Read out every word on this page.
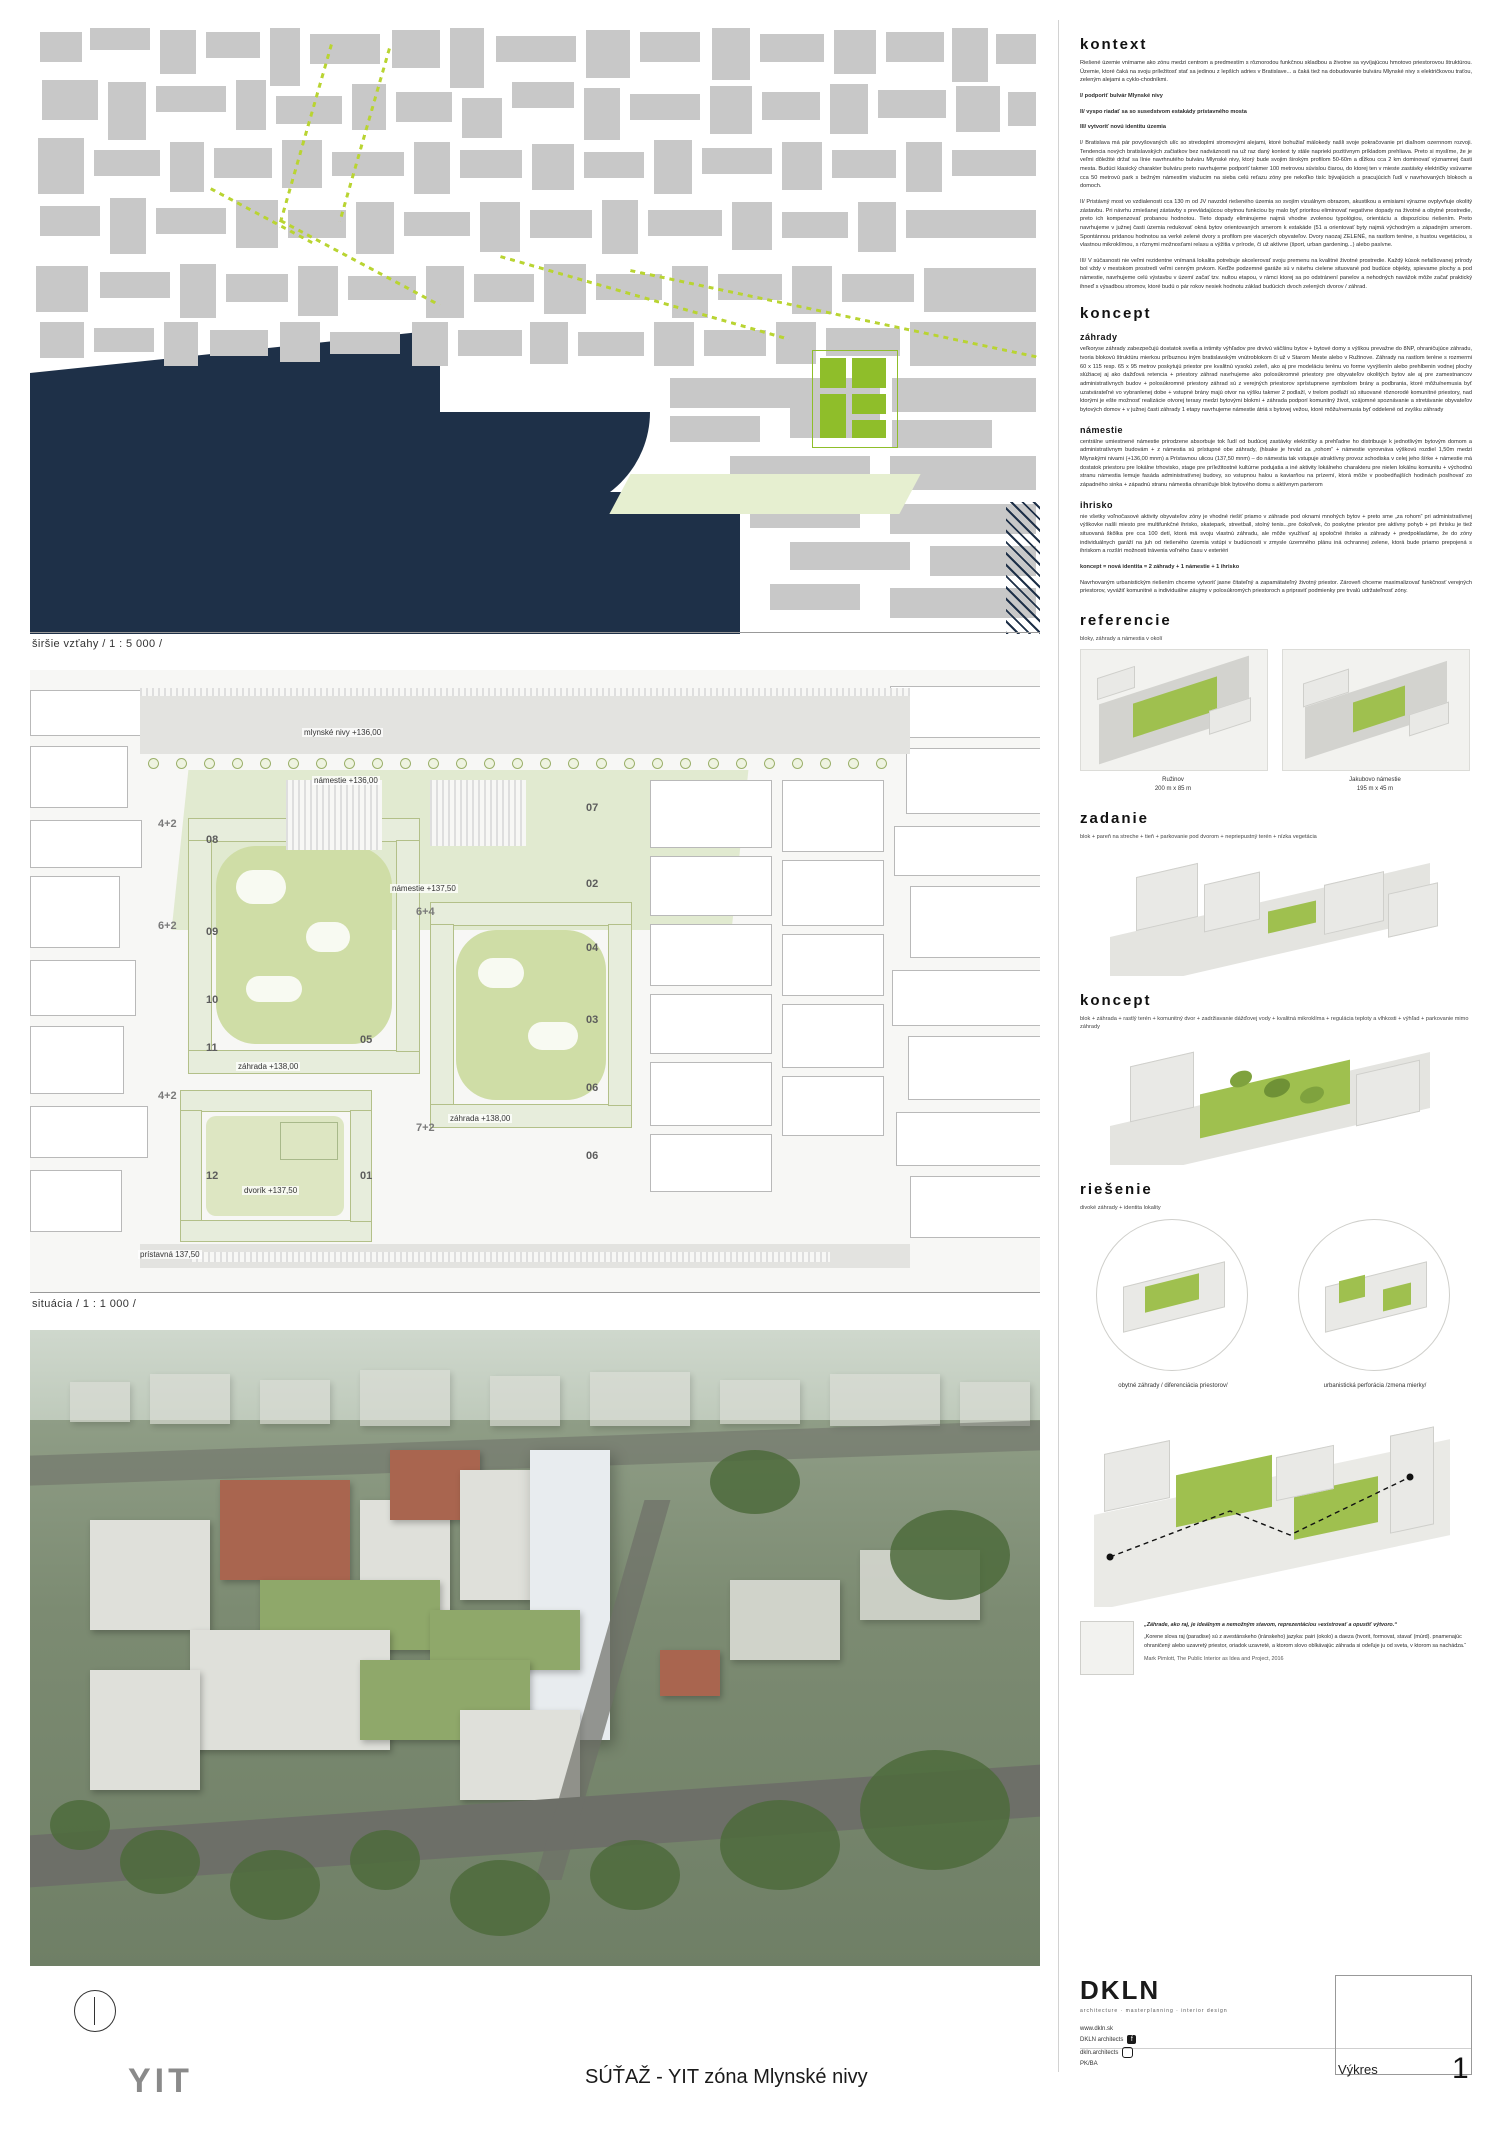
širšie vzťahy / 1 : 5 000 /
mlynské nivy +136,00
námestie +136,00
námestie +137,50
záhrada +138,00
záhrada +138,00
dvorík +137,50
prístavná 137,50
07
02
04
03
06
06
08
09
10
11
12
05
01
4+2
6+2
4+2
6+4
7+2
situácia / 1 : 1 000 /
kontext

Riešené územie vnímame ako zónu medzi centrom a predmestím s rôznorodou funkčnou skladbou a životne sa vyvíjajúcou hmotovo priestorovou štruktúrou. Územie, ktoré čaká na svoju príležitosť stať sa jedinou z lepších adries v Bratislave... a čaká tiež na dobudovanie bulváru Mlynské nivy s električkovou traťou, zeleným alejami a cyklo-chodníkmi.

I/ podporiť bulvár Mlynské nivy

II/ vyspo riadať sa so susedstvom estakády prístavného mosta

III/ vytvoriť novú identitu územia

I/ Bratislava má pár povyšovaných ulíc so stredoplmi stromovými alejami, ktoré bohužiaľ málokedy našli svoje pokračovanie pri diaľnom ozernnom rozvoji. Tendencia nových bratislavských začiatkov bez nadväznosti na už raz daný kontext ty stále naprieki pozitívnym príkladom prehliava. Preto si myslíme, že je veľmi dôležité držať sa línie navrhnutého bulváru Mlynské nivy, ktorý bude svojim širokým profilom 50-60m a dĺžkou cca 2 km dominovať významnej časti mesta. Budúci klasický charakter bulváru preto navrhujeme podporiť takmer 100 metrovou súvislou čiarou, do ktorej ten v mieste zastávky električky vsúvame cca 50 metrovú park s bežným námestím viažucim na sieba celú reťazu zóny pre nekoľko tisíc bývajúcich a pracujúcich ľudí v navrhovaných blokoch a domoch.

II/ Pristávný most vo vzdialenosti cca 130 m od JV navzdol riešeného územia so svojím vizuálnym obrazom, akustikou a emisiami výrazne ovplyvňuje okolitý zástavbu. Pri návrhu zmiešanej zástavby s prevládajúcou obytnou funkciou by malo byť prioritou eliminovať negatívne dopady na životné a obytné prostredie, preto ich kompenzovať probanou hodnotou. Tieto dopady eliminujeme najmä vhodne zvolenou typológiou, orientáciu a dispozíciou riešením. Preto navrhujeme v južnej časti územia redukovať okná bytov orientovaných smerom k estakáde (51 a orientovať byty najmä východným a západným smerom. Spontánnou pridanou hodnotou sa verké zelené dvory s profilom pre viacerých obyvateľov. Dvory naozaj ZELENÉ, na rastlom teréne, s hustou vegetáciou, s vlastnou mikroklímou, s rôznymi možnosťami relaxu a výžitia v prírode, či už aktívne (šport, urban gardening...) alebo pasívne.

III/ V súčasnosti nie veľmi rezidentne vnímaná lokalita potrebuje akcelerovať svoju premenu na kvalitné životné prostredie. Každý kúsok nefalšovanej prírody bol vždy v mestskom prostredí veľmi cenným prvkom. Keďže podzemné garáže sú v návrhu cielene situované pod budúce objekty, spievame plochy a pod námestie, navrhujeme celú výstavbu v území začať tzv. nultou etapou, v rámci ktorej sa po odstránení panelov a nehodných navážok môže začať praktický ihneď s výsadbou stromov, ktoré budú o pár rokov nesiek hodnotu základ budúcich dvoch zelených dvorov / záhrad.

koncept
záhrady

veľkoryse záhrady zabezpečujú dostatok svetla a intimity výhľadov pre drvivú väčšinu bytov + bytové domy s výškou prevažne do 8NP, ohraničujúce záhradu, tvoria blokovú štruktúru mierkou príbuznou iným bratislavským vnútroblokom či už v Starom Meste alebo v Ružinove. Záhrady na rastlom teréne s rozmermi 60 x 115 resp. 65 x 95 metrov poskytujú priestor pre kvalitnú vysokú zeleň, ako aj pre modeláciu terénu vo forme vyvýšenín alebo prehlbenin vodnej plochy slúžiacej aj ako dažďová retencia + priestory záhrad navrhujeme ako polosúkromné priestory pre obyvateľov okolitých bytov ale aj pre zamestnancov administratívnych budov + polosúkromné priestory záhrad sú z verejných priestorov sprístupnene symbolom brány a podbrania, ktoré môžu/nemusia byť uzatvárateľné vo vybranlenej dobe + vstupné brány majú otvor na výšku takmer 2 podlaží, v trelom podlaží sú situované rôznorodé komunitné priestory, nad ktorými je ešte možnosť realizácie otvorej terasy medzi bytovými blokmi + záhrada podporí komunitný život, vzájomné spoznávanie a stretávanie obyvateľov bytových domov + v južnej časti záhrady 1 etapy navrhujeme námestie átriá s bytovej vežou, ktoré môžu/nemusia byť oddelené od zvyšku záhrady

námestie

centrálne umiestnené námestie prirodzene absorbuje tok ľudí od budúcej zastávky električky a prehľadne ho distribuuje k jednotlivým bytovým domom a administratívnym budovám + z námestia sú prístupné obe záhrady, (hlsake je hrvád za „rohom“ + námestie vyrovnáva výškovú rozdiel 1,50m medzi Mlynskými nivami (+136,00 mnm) a Prístavnou ulicou (137,50 mnm) – do námestia tak vstupuje atraktívny provoz schodiska v celej jeho šírke + námestie má dostatok priestoru pre lokálne trhovisko, stage pre príležitostné kultúrne podujatia a iné aktivity lokálneho charakteru pre nielen lokálnu komunitu + východnú stranu námestia lemuje fasáda administratívnej budovy, so vstupnou halou a kaviarňou na prízemí, ktorá môže v poobedňajších hodinách poslhovať zo západného sinka + západnú stranu námestia ohraničuje blok bytového domu s aktívnym parterom

ihrisko

nie všetky voľnočasové aktivity obyvateľov zóny je vhodné riešiť priamo v záhrade pod oknami mnohých bytov + preto sme „za rohom“ pri administratívnej výškovke našli miesto pre multifunkčné ihrisko, skatepark, streetball, stolný tenis...pre čokoľvek, čo poskytne priestor pre aktívny pohyb + pri ihrisku je tiež situovaná škôlka pre cca 100 detí, ktorá má svoju vlastnú záhradu, ale môže využívať aj spoločné ihrisko a záhrady + predpokladáme, že do zóny individuálnych garáží na juh od riešeného územia vstúpi v budúcnosti v zmysle územného plánu iná ochrannej zelene, ktorá bude priamo prepojená s ihriskom a rozšíri možnosti trávenia voľného času v exteriéri

koncept = nová identita = 2 záhrady + 1 námestie + 1 ihrisko

Navrhovaným urbanistickým riešením chceme vytvoriť jasne čitateľný a zapamätateľný životný priestor. Zároveň chceme maximalizovať funkčnosť verejných priestorov, vyvážiť komunitné a individuálne záujmy v polosúkromých priestoroch a pripraviť podmienky pre trvalú udržateľnosť zóny.

referencie
bloky, záhrady a námestia v okolí
Ružinov
200 m x 85 m
Jakubovo námestie
195 m x 45 m
zadanie
blok + pareň na streche + tieň + parkovanie pod dvorom + nepriepustný terén + nízka vegetácia
koncept
blok + záhrada + rastlý terén + komunitný dvor + zadržiavanie dážďovej vody + kvalitná mikroklíma + regulácia teploty a vlhkosti + výhľad + parkovanie mimo záhrady
riešenie
divoké záhrady + identita lokality
obytné záhrady / diferenciácia priestorov/	urbanistická perforácia /zmena mierky/
„Záhrade, ako raj, je ideálnym a nemožným stavom, reprezentáciou »existrovať a opustiť výtvoro.“
„Korene slova raj (paradise) sú z avestánskeho (iránskeho) jazyka: pairi (okolo) a daeza (hvorit, formovat, stavať (múrd). pnamenajúc ohraničený alebo uzavretý priestor, oriadok uzavreté, a ktorom slovo oblkávajúc záhrada si odeľuje ju od sveta, v ktorom sa nachádza.“
Mark Pimlott, The Public Interior as Idea and Project, 2016
DKLN
architecture · masterplanning · interior design
www.dkln.sk
DKLN architects f
dkln.architects
PK/BA	Výkres 1
YIT	SÚŤAŽ - YIT zóna Mlynské nivy
